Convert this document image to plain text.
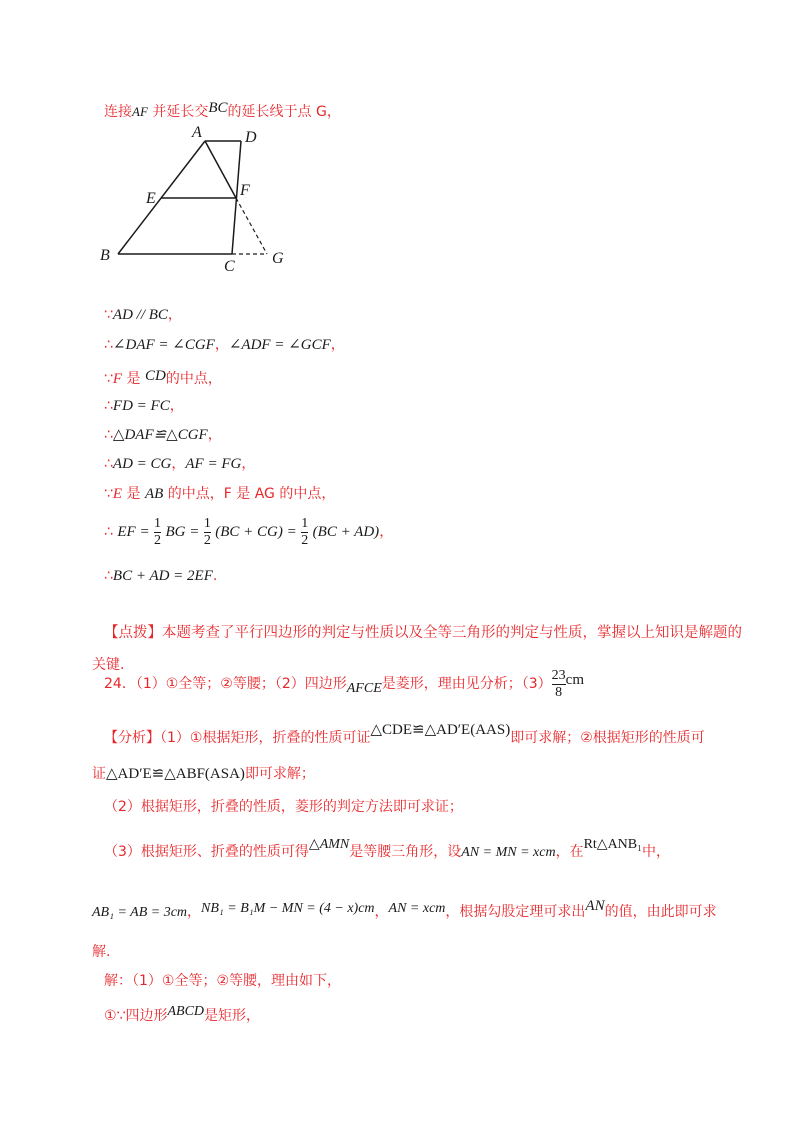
连接AF 并延长交BC的延长线于点 G，
A	D
E	F
B
C G
∵AD // BC，
∴∠DAF = ∠CGF，∠ADF = ∠GCF，
∵F 是 CD的中点，
∴FD = FC，
∴△DAF≌△CGF，
∴AD = CG，AF = FG，
∵E 是 AB 的中点，F 是 AG 的中点，
∴ EF = $\frac{1}{2}$ BG = $\frac{1}{2} (BC + CG) = \frac{1}{2} (BC + AD)$，
∴BC + AD = 2EF.
【点拨】本题考查了平行四边形的判定与性质以及全等三角形的判定与性质，掌握以上知识是解题的
关键.
24．（1）①全等；②等腰；（2）四边形AFCE是菱形，理由见分析；$(3) \frac{23}{8}$ cm
【分析】（1）①根据矩形，折叠的性质可证△CDE≌△AD′E(AAS)即可求解；②根据矩形的性质可
证△AD′E≌△ABF(ASA)即可求解；
（2）根据矩形，折叠的性质，菱形的判定方法即可求证；
（3）根据矩形、折叠的性质可得△AMN是等腰三角形，设AN = MN = xcm，在Rt△ANB₁中，
AB₁ = AB = 3cm，NB₁ = B₁M − MN = (4 − x)cm，AN = xcm，根据勾股定理可求出AN的值，由此即可求
解.
解：（1）①全等；②等腰，理由如下，
①∵四边形ABCD是矩形，
